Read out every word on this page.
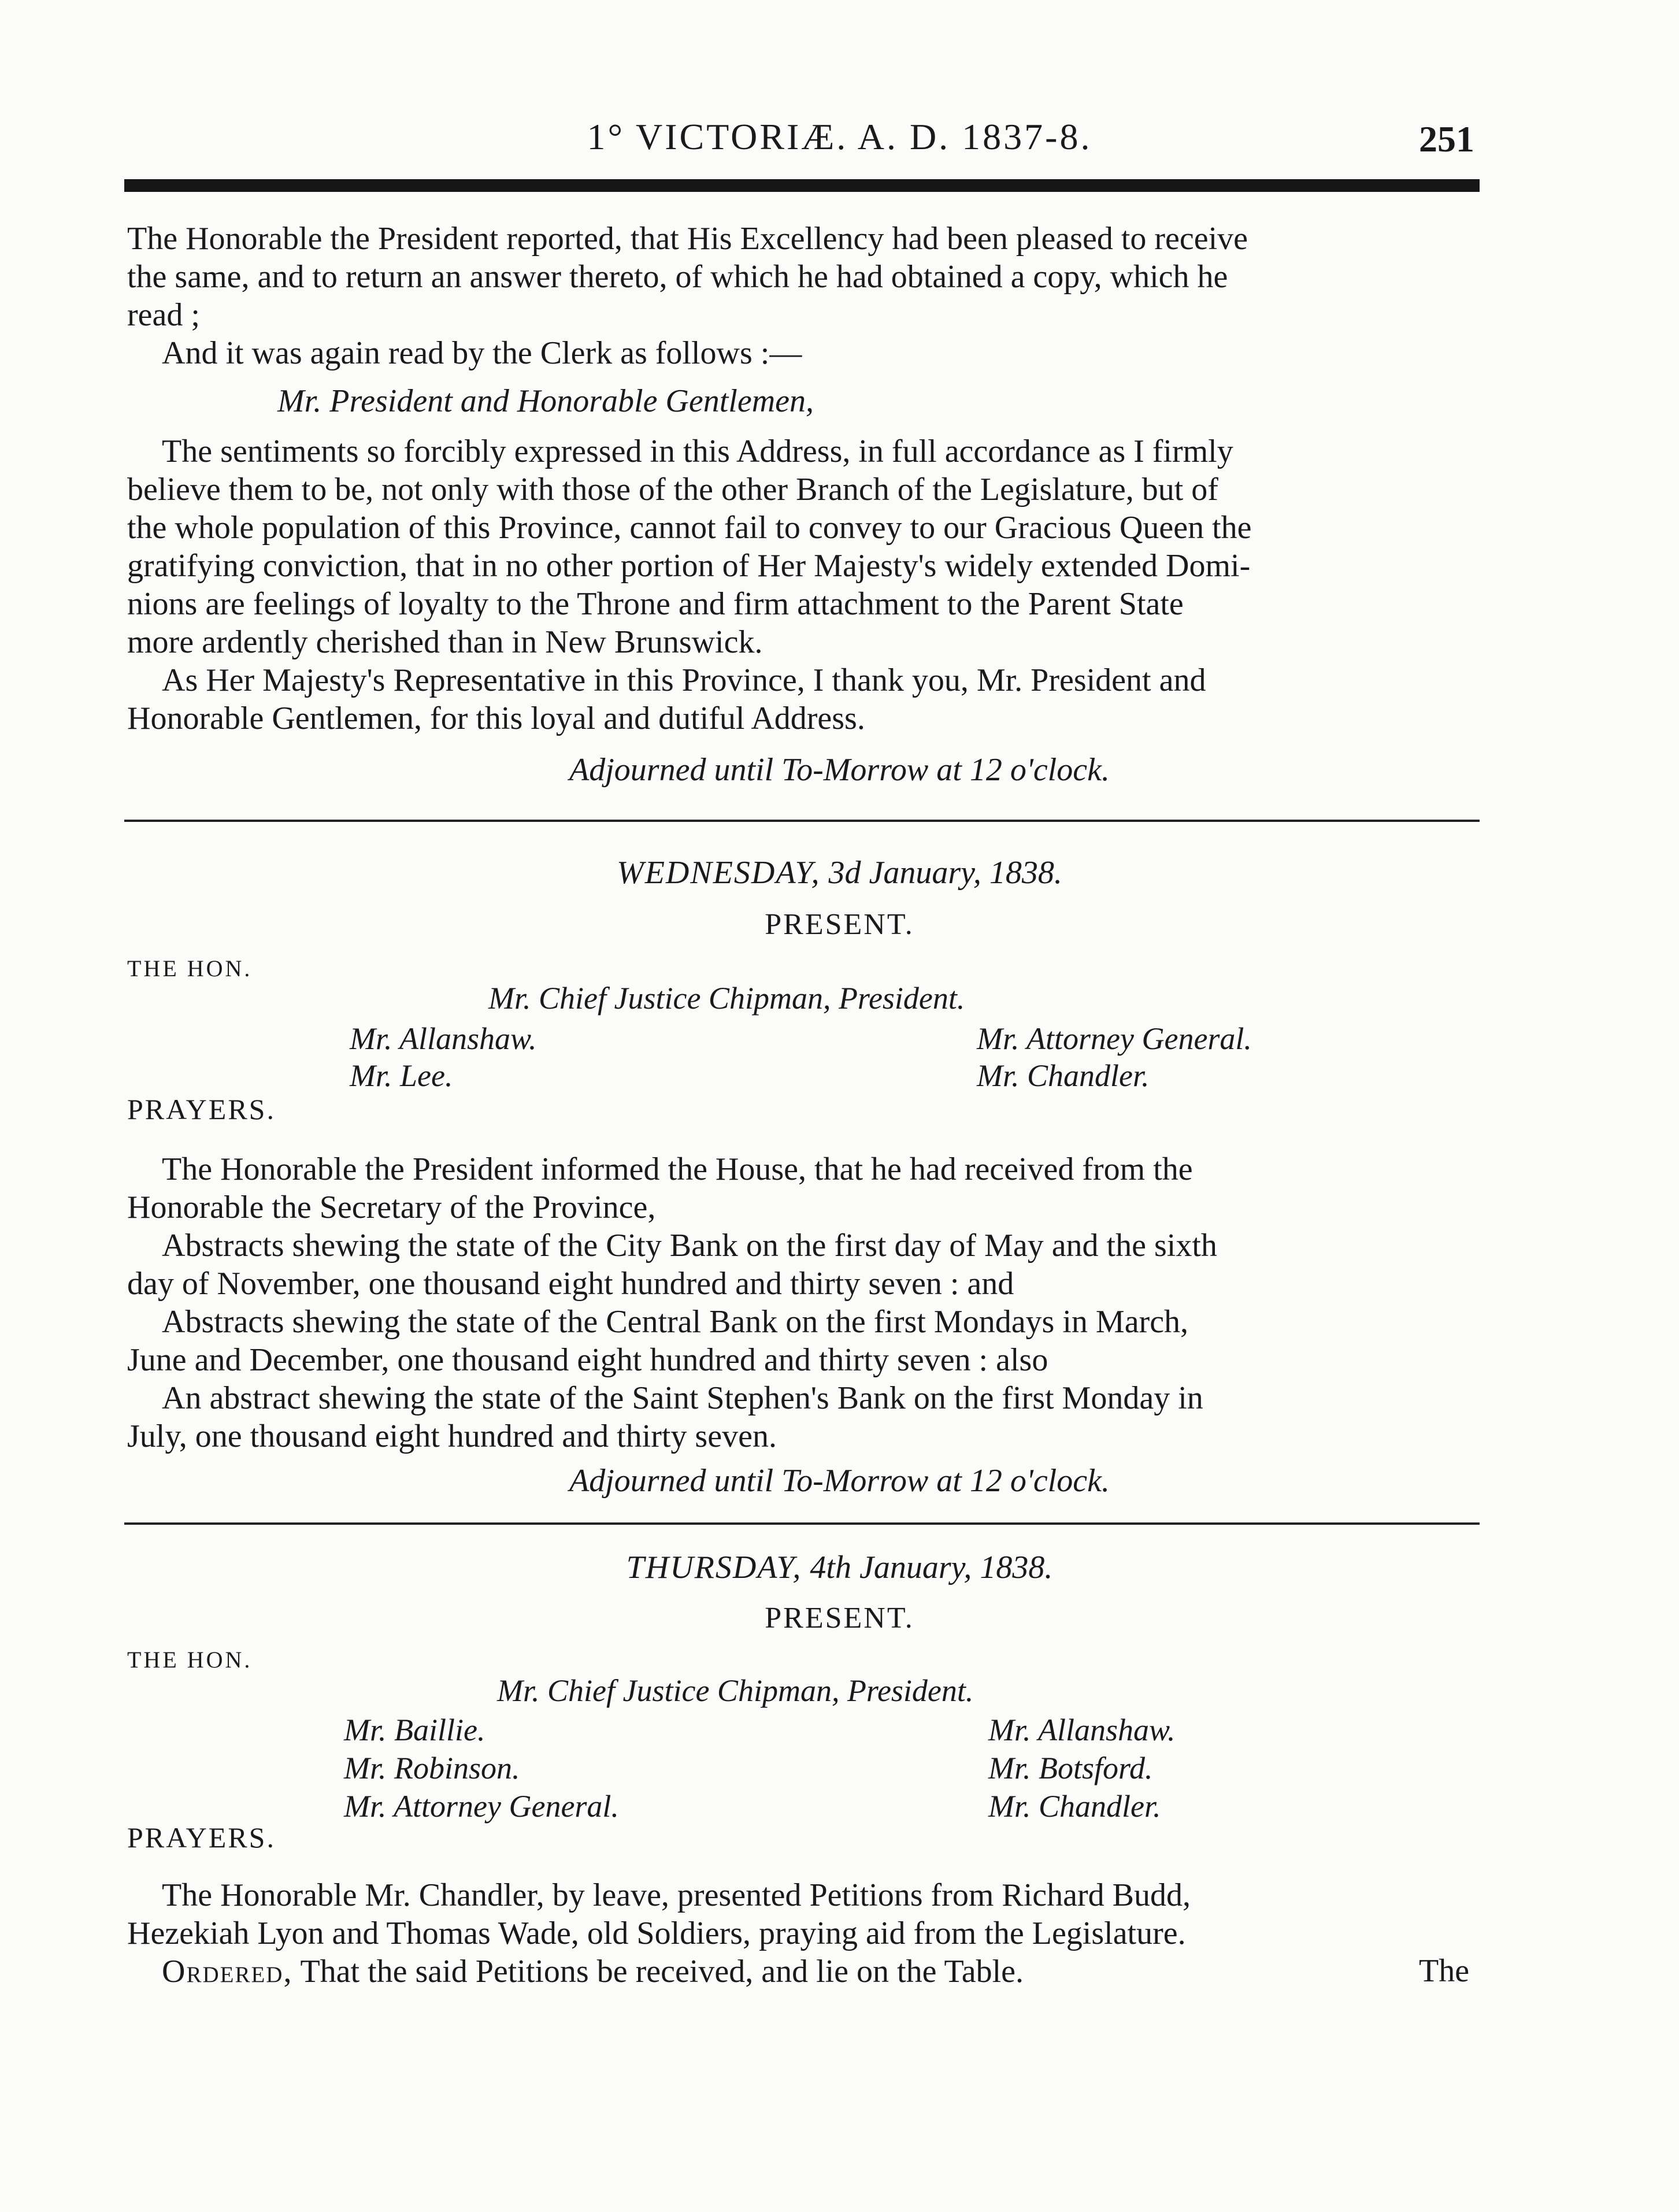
1° VICTORIÆ. A. D. 1837-8.	251
The Honorable the President reported, that His Excellency had been pleased to receive
the same, and to return an answer thereto, of which he had obtained a copy, which he
read ;
And it was again read by the Clerk as follows :—
Mr. President and Honorable Gentlemen,
The sentiments so forcibly expressed in this Address, in full accordance as I firmly
believe them to be, not only with those of the other Branch of the Legislature, but of
the whole population of this Province, cannot fail to convey to our Gracious Queen the
gratifying conviction, that in no other portion of Her Majesty's widely extended Domi-
nions are feelings of loyalty to the Throne and firm attachment to the Parent State
more ardently cherished than in New Brunswick.
As Her Majesty's Representative in this Province, I thank you, Mr. President and
Honorable Gentlemen, for this loyal and dutiful Address.
Adjourned until To-Morrow at 12 o'clock.
WEDNESDAY, 3d January, 1838.
PRESENT.
THE HON.
Mr. Chief Justice Chipman, President.
Mr. Allanshaw.
Mr. Lee.
Mr. Attorney General.
Mr. Chandler.
PRAYERS.
The Honorable the President informed the House, that he had received from the
Honorable the Secretary of the Province,
Abstracts shewing the state of the City Bank on the first day of May and the sixth
day of November, one thousand eight hundred and thirty seven : and
Abstracts shewing the state of the Central Bank on the first Mondays in March,
June and December, one thousand eight hundred and thirty seven : also
An abstract shewing the state of the Saint Stephen's Bank on the first Monday in
July, one thousand eight hundred and thirty seven.
Adjourned until To-Morrow at 12 o'clock.
THURSDAY, 4th January, 1838.
PRESENT.
THE HON.
Mr. Chief Justice Chipman, President.
Mr. Baillie.
Mr. Robinson.
Mr. Attorney General.
Mr. Allanshaw.
Mr. Botsford.
Mr. Chandler.
PRAYERS.
The Honorable Mr. Chandler, by leave, presented Petitions from Richard Budd,
Hezekiah Lyon and Thomas Wade, old Soldiers, praying aid from the Legislature.
Ordered, That the said Petitions be received, and lie on the Table.	The
